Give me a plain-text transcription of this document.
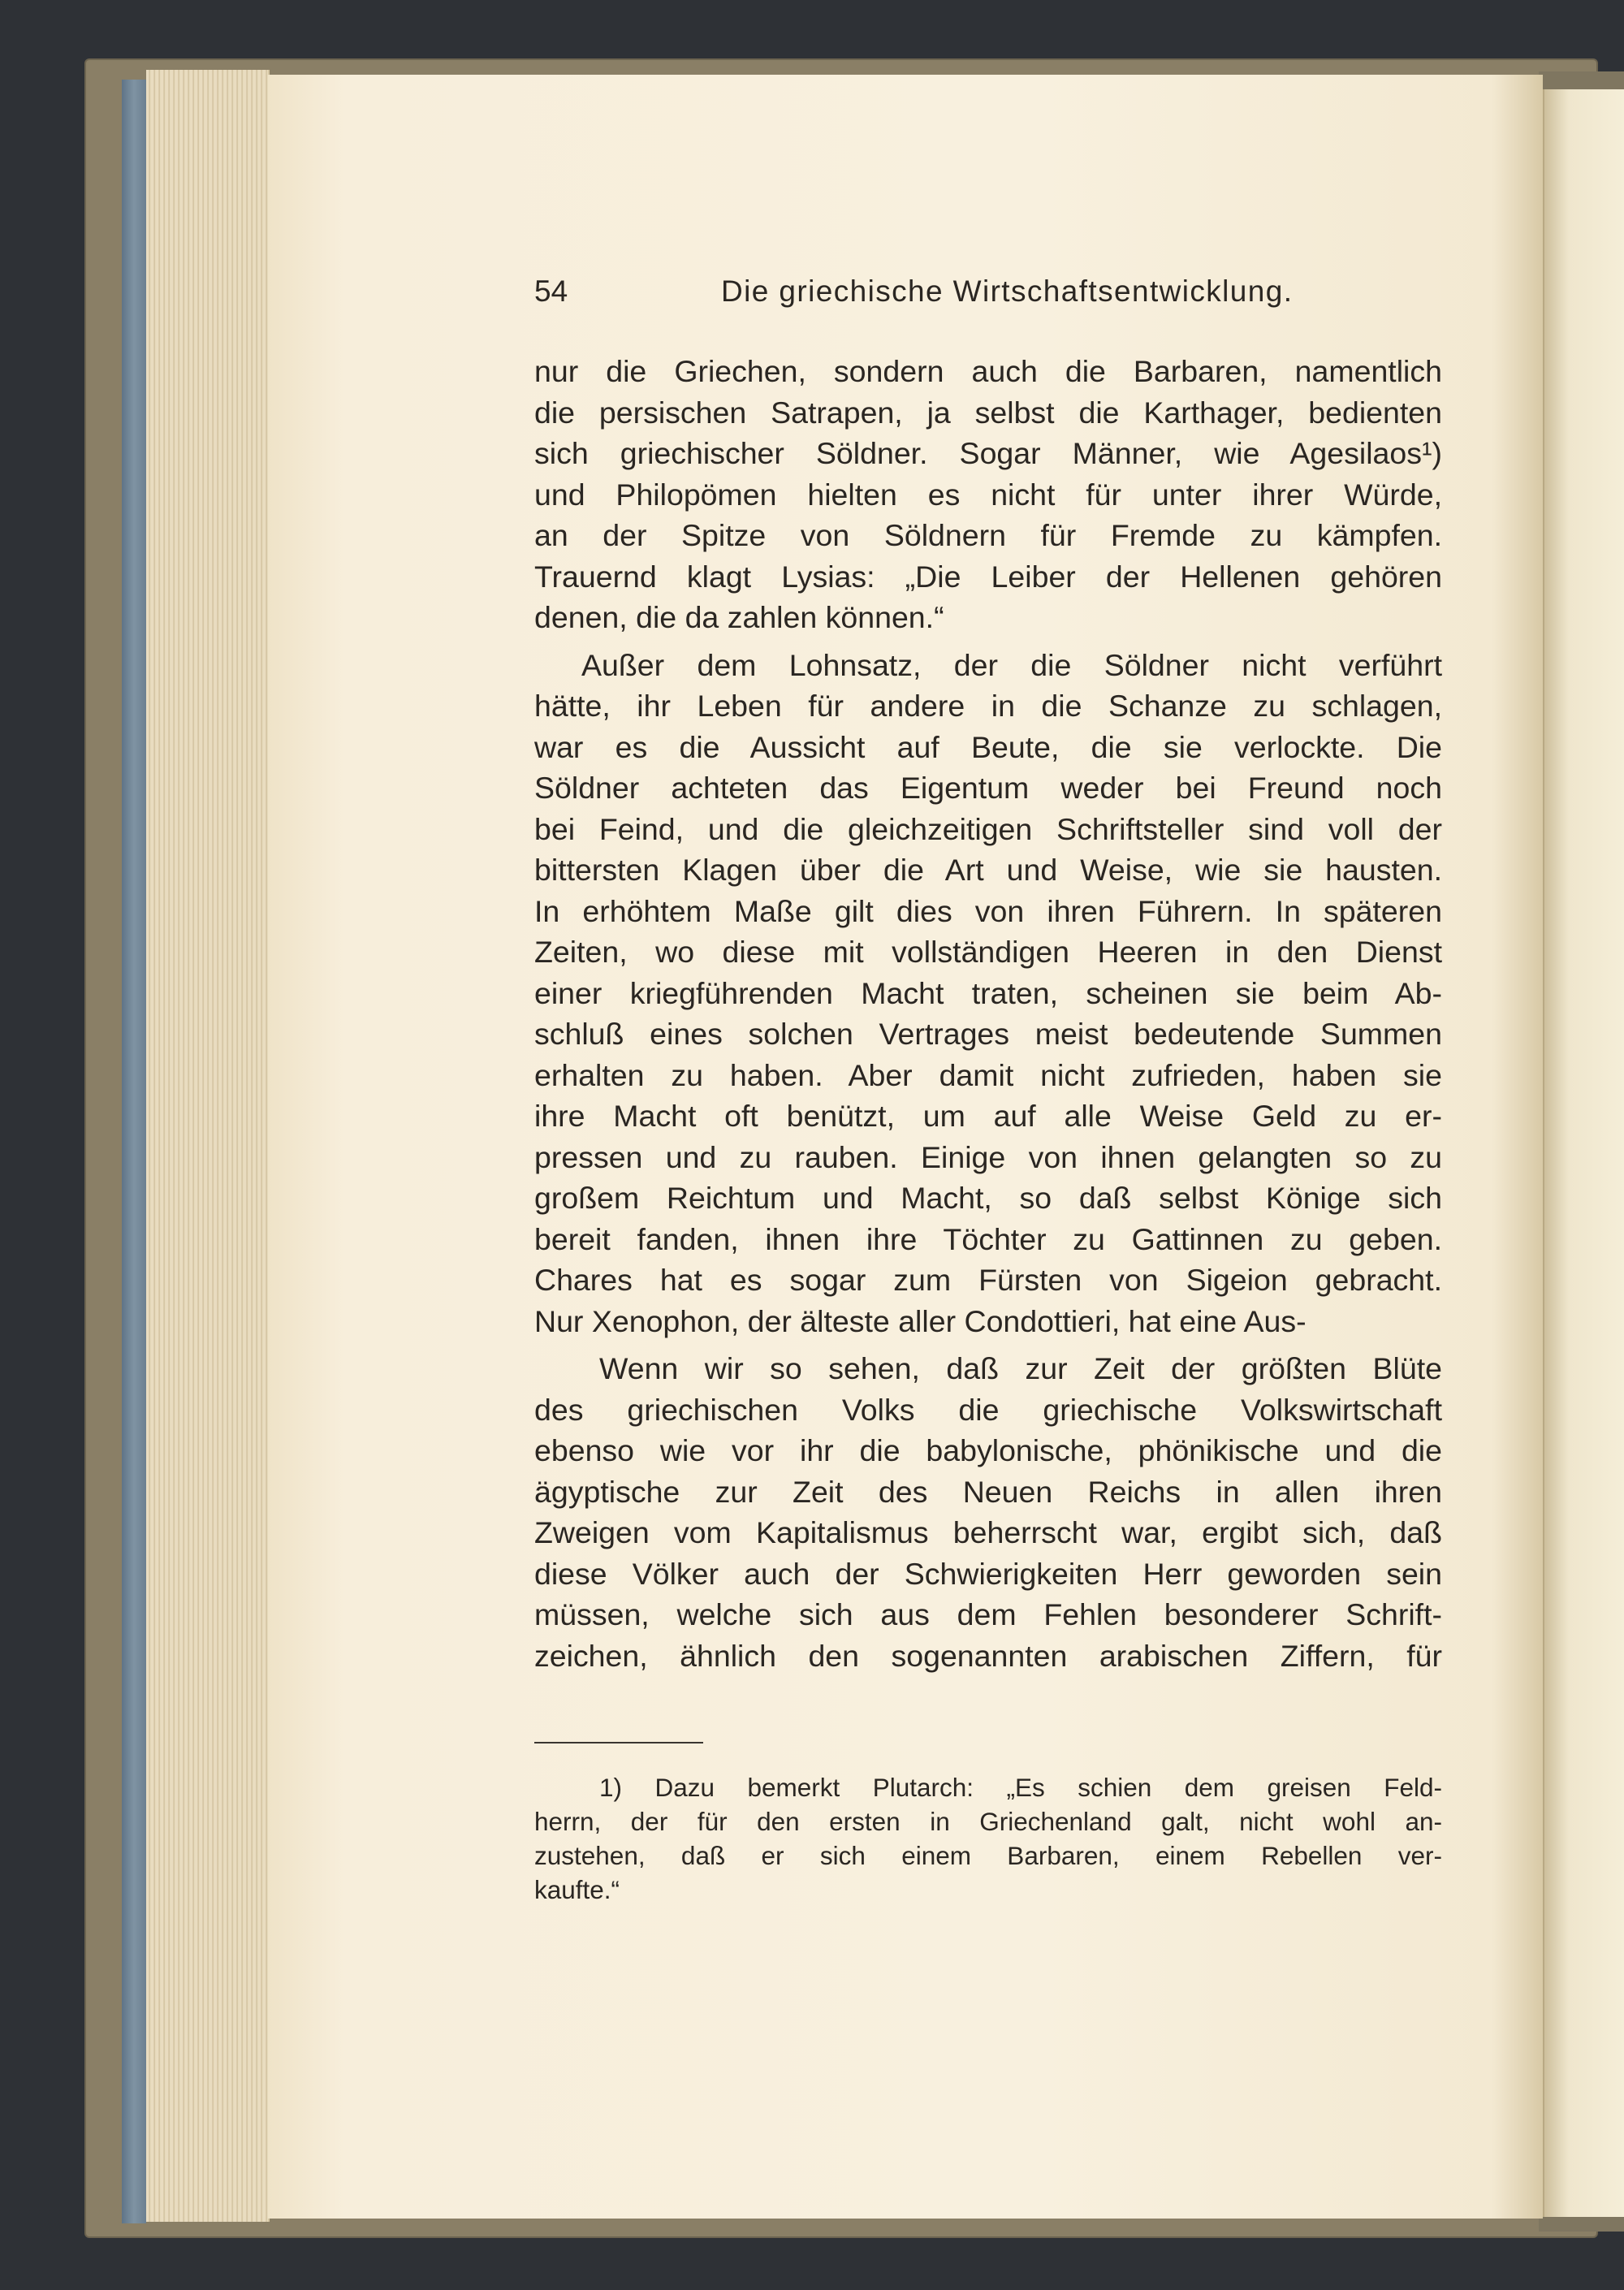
54	Die griechische Wirtschaftsentwicklung.
nur die Griechen, sondern auch die Barbaren, namentlich
die persischen Satrapen, ja selbst die Karthager, bedienten
sich griechischer Söldner. Sogar Männer, wie Agesilaos¹)
und Philopömen hielten es nicht für unter ihrer Würde,
an der Spitze von Söldnern für Fremde zu kämpfen.
Trauernd klagt Lysias: „Die Leiber der Hellenen gehören
denen, die da zahlen können.“
Außer dem Lohnsatz, der die Söldner nicht verführt
hätte, ihr Leben für andere in die Schanze zu schlagen,
war es die Aussicht auf Beute, die sie verlockte. Die
Söldner achteten das Eigentum weder bei Freund noch
bei Feind, und die gleichzeitigen Schriftsteller sind voll der
bittersten Klagen über die Art und Weise, wie sie hausten.
In erhöhtem Maße gilt dies von ihren Führern. In späteren
Zeiten, wo diese mit vollständigen Heeren in den Dienst
einer kriegführenden Macht traten, scheinen sie beim Ab-
schluß eines solchen Vertrages meist bedeutende Summen
erhalten zu haben. Aber damit nicht zufrieden, haben sie
ihre Macht oft benützt, um auf alle Weise Geld zu er-
pressen und zu rauben. Einige von ihnen gelangten so zu
großem Reichtum und Macht, so daß selbst Könige sich
bereit fanden, ihnen ihre Töchter zu Gattinnen zu geben.
Chares hat es sogar zum Fürsten von Sigeion gebracht.
Nur Xenophon, der älteste aller Condottieri, hat eine Aus-
Wenn wir so sehen, daß zur Zeit der größten Blüte
des griechischen Volks die griechische Volkswirtschaft
ebenso wie vor ihr die babylonische, phönikische und die
ägyptische zur Zeit des Neuen Reichs in allen ihren
Zweigen vom Kapitalismus beherrscht war, ergibt sich, daß
diese Völker auch der Schwierigkeiten Herr geworden sein
müssen, welche sich aus dem Fehlen besonderer Schrift-
zeichen, ähnlich den sogenannten arabischen Ziffern, für
1) Dazu bemerkt Plutarch: „Es schien dem greisen Feld-
herrn, der für den ersten in Griechenland galt, nicht wohl an-
zustehen, daß er sich einem Barbaren, einem Rebellen ver-
kaufte.“
